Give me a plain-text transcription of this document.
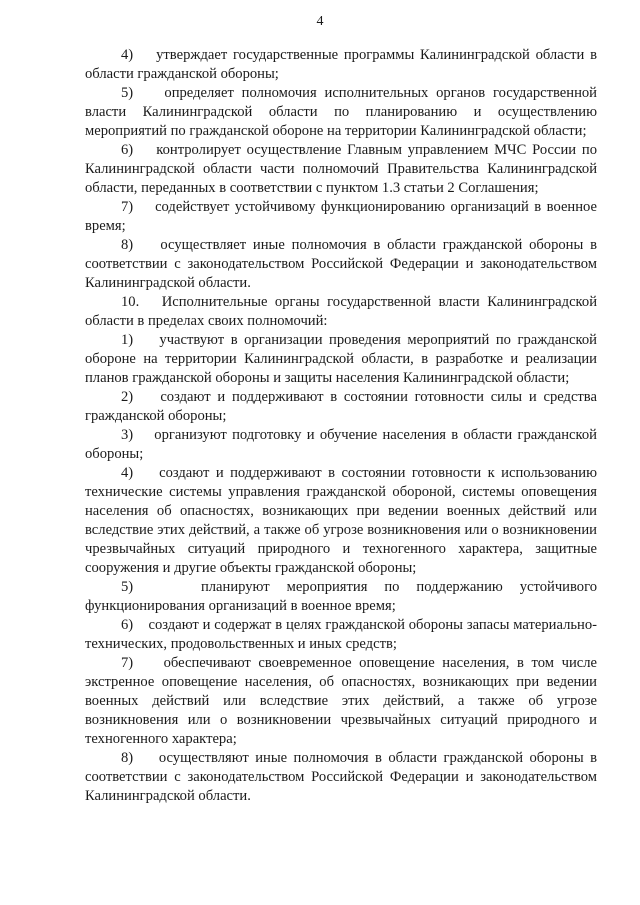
4

4)    утверждает государственные программы Калининградской области в области гражданской обороны;

5)    определяет полномочия исполнительных органов государственной власти Калининградской области по планированию и осуществлению мероприятий по гражданской обороне на территории Калининградской области;

6)    контролирует осуществление Главным управлением МЧС России по Калининградской области части полномочий Правительства Калининградской области, переданных в соответствии с пунктом 1.3 статьи 2 Соглашения;

7)    содействует устойчивому функционированию организаций в военное время;

8)    осуществляет иные полномочия в области гражданской обороны в соответствии с законодательством Российской Федерации и законодательством Калининградской области.

10.   Исполнительные органы государственной власти Калининградской области в пределах своих полномочий:

1)    участвуют в организации проведения мероприятий по гражданской обороне на территории Калининградской области, в разработке и реализации планов гражданской обороны и защиты населения Калининградской области;

2)    создают и поддерживают в состоянии готовности силы и средства гражданской обороны;

3)    организуют подготовку и обучение населения в области гражданской обороны;

4)    создают и поддерживают в состоянии готовности к использованию технические системы управления гражданской обороной, системы оповещения населения об опасностях, возникающих при ведении военных действий или вследствие этих действий, а также об угрозе возникновения или о возникновении чрезвычайных ситуаций природного и техногенного характера, защитные сооружения и другие объекты гражданской обороны;

5)    планируют мероприятия по поддержанию устойчивого функционирования организаций в военное время;

6)    создают и содержат в целях гражданской обороны запасы материально-технических, продовольственных и иных средств;

7)    обеспечивают своевременное оповещение населения, в том числе экстренное оповещение населения, об опасностях, возникающих при ведении военных действий или вследствие этих действий, а также об угрозе возникновения или о возникновении чрезвычайных ситуаций природного и техногенного характера;

8)    осуществляют иные полномочия в области гражданской обороны в соответствии с законодательством Российской Федерации и законодательством Калининградской области.
